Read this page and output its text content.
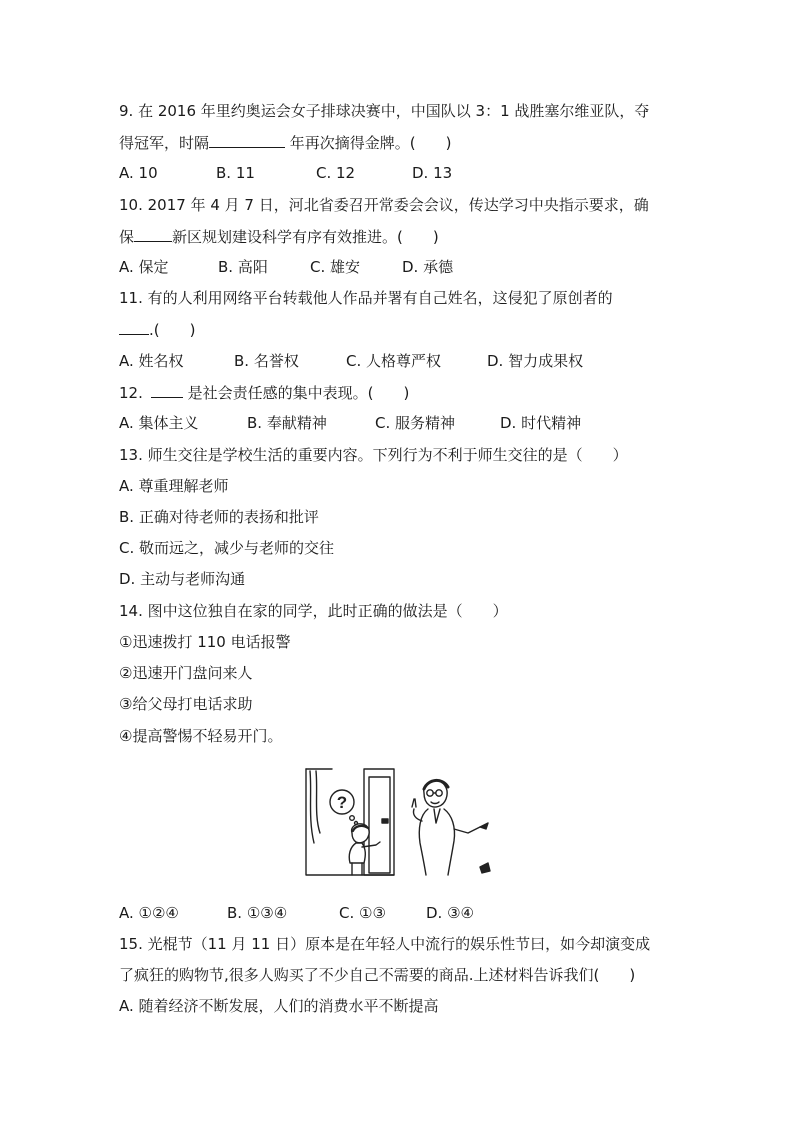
9. 在 2016 年里约奥运会女子排球决赛中，中国队以 3：1 战胜塞尔维亚队，夺
得冠军，时隔	年再次摘得金牌。(　　)
A. 10	B. 11	C. 12	D. 13
10. 2017 年 4 月 7 日，河北省委召开常委会会议，传达学习中央指示要求，确
保	新区规划建设科学有序有效推进。(　　)
A. 保定	B. 高阳	C. 雄安	D. 承德
11. 有的人利用网络平台转载他人作品并署有自己姓名，这侵犯了原创者的
.(　　)
A. 姓名权	B. 名誉权	C. 人格尊严权	D. 智力成果权
12.	是社会责任感的集中表现。(　　)
A. 集体主义	B. 奉献精神	C. 服务精神	D. 时代精神
13. 师生交往是学校生活的重要内容。下列行为不利于师生交往的是（　　）
A. 尊重理解老师
B. 正确对待老师的表扬和批评
C. 敬而远之，减少与老师的交往
D. 主动与老师沟通
14. 图中这位独自在家的同学，此时正确的做法是（　　）
①迅速拨打 110 电话报警
②迅速开门盘问来人
③给父母打电话求助
④提高警惕不轻易开门。
?
A. ①②④	B. ①③④	C. ①③	D. ③④
15. 光棍节（11 月 11 日）原本是在年轻人中流行的娱乐性节曰，如今却演变成
了疯狂的购物节,很多人购买了不少自己不需要的商品.上述材料告诉我们(　　)
A. 随着经济不断发展，人们的消费水平不断提高
